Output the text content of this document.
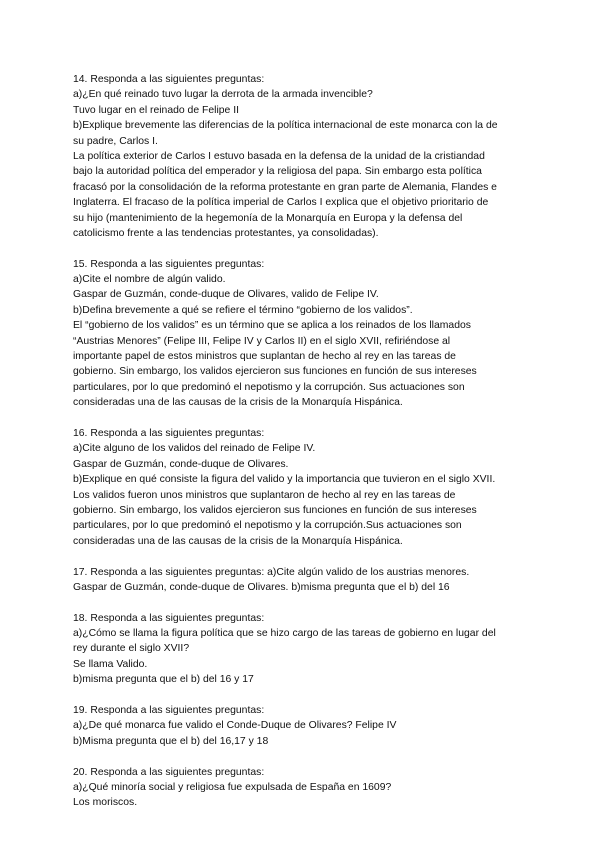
14. Responda a las siguientes preguntas:
a)¿En qué reinado tuvo lugar la derrota de la armada invencible?
Tuvo lugar en el reinado de Felipe II
b)Explique brevemente las diferencias de la política internacional de este monarca con la de
su padre, Carlos I.
La política exterior de Carlos I estuvo basada en la defensa de la unidad de la cristiandad
bajo la autoridad política del emperador y la religiosa del papa. Sin embargo esta política
fracasó por la consolidación de la reforma protestante en gran parte de Alemania, Flandes e
Inglaterra. El fracaso de la política imperial de Carlos I explica que el objetivo prioritario de
su hijo (mantenimiento de la hegemonía de la Monarquía en Europa y la defensa del
catolicismo frente a las tendencias protestantes, ya consolidadas).
15. Responda a las siguientes preguntas:
a)Cite el nombre de algún valido.
Gaspar de Guzmán, conde-duque de Olivares, valido de Felipe IV.
b)Defina brevemente a qué se refiere el término “gobierno de los validos”.
El “gobierno de los validos” es un término que se aplica a los reinados de los llamados
“Austrias Menores” (Felipe III, Felipe IV y Carlos II) en el siglo XVII, refiriéndose al
importante papel de estos ministros que suplantan de hecho al rey en las tareas de
gobierno. Sin embargo, los validos ejercieron sus funciones en función de sus intereses
particulares, por lo que predominó el nepotismo y la corrupción. Sus actuaciones son
consideradas una de las causas de la crisis de la Monarquía Hispánica.
16. Responda a las siguientes preguntas:
a)Cite alguno de los validos del reinado de Felipe IV.
Gaspar de Guzmán, conde-duque de Olivares.
b)Explique en qué consiste la figura del valido y la importancia que tuvieron en el siglo XVII.
Los validos fueron unos ministros que suplantaron de hecho al rey en las tareas de
gobierno. Sin embargo, los validos ejercieron sus funciones en función de sus intereses
particulares, por lo que predominó el nepotismo y la corrupción.Sus actuaciones son
consideradas una de las causas de la crisis de la Monarquía Hispánica.
17. Responda a las siguientes preguntas: a)Cite algún valido de los austrias menores.
Gaspar de Guzmán, conde-duque de Olivares. b)misma pregunta que el b) del 16
18. Responda a las siguientes preguntas:
a)¿Cómo se llama la figura política que se hizo cargo de las tareas de gobierno en lugar del
rey durante el siglo XVII?
Se llama Valido.
b)misma pregunta que el b) del 16 y 17
19. Responda a las siguientes preguntas:
a)¿De qué monarca fue valido el Conde-Duque de Olivares? Felipe IV
b)Misma pregunta que el b) del 16,17 y 18
20. Responda a las siguientes preguntas:
a)¿Qué minoría social y religiosa fue expulsada de España en 1609?
Los moriscos.
